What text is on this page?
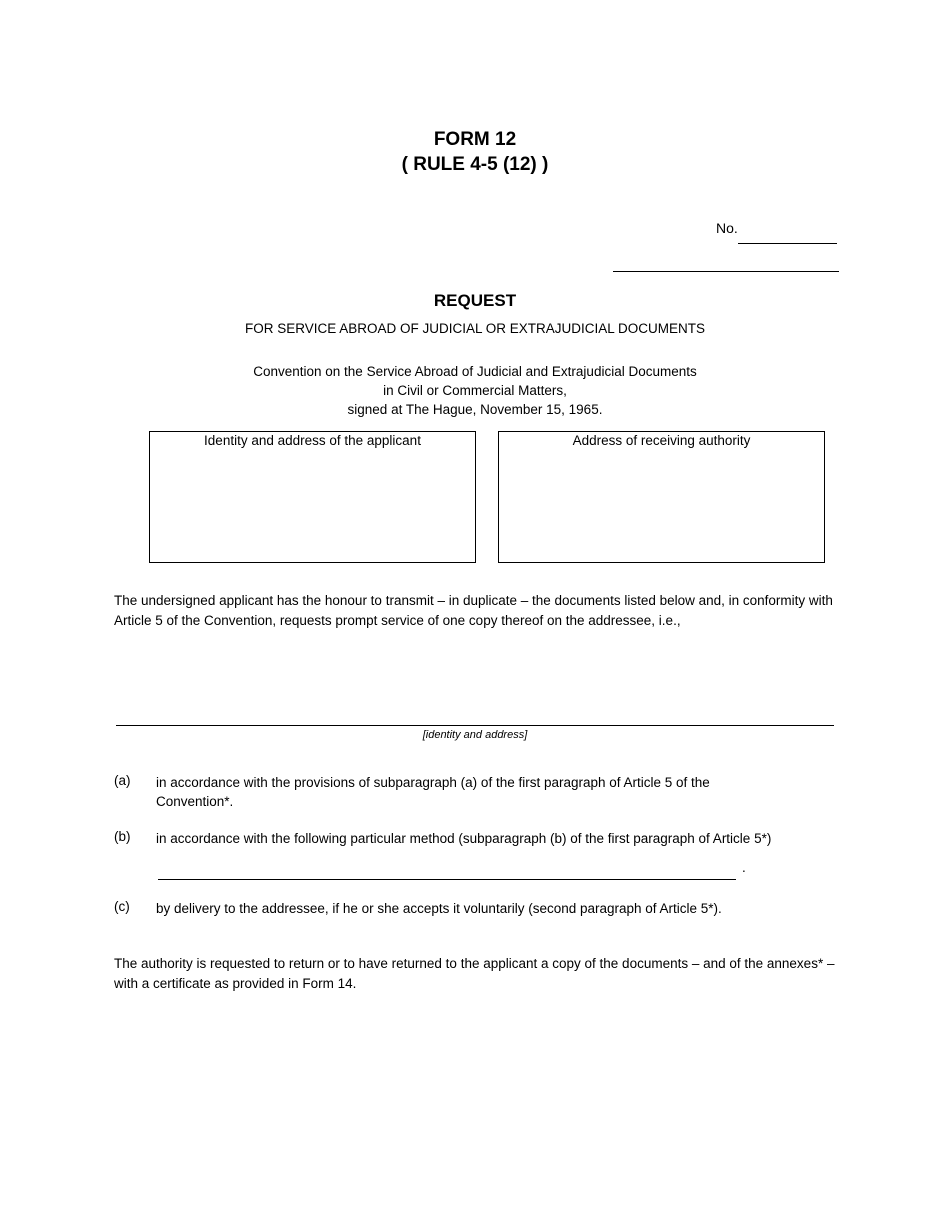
FORM 12
( RULE 4-5 (12) )
No.
REQUEST
FOR SERVICE ABROAD OF JUDICIAL OR EXTRAJUDICIAL DOCUMENTS
Convention on the Service Abroad of Judicial and Extrajudicial Documents
in Civil or Commercial Matters,
signed at The Hague, November 15, 1965.
Identity and address of the applicant	Address of receiving authority
The undersigned applicant has the honour to transmit – in duplicate – the documents listed below and, in conformity with Article 5 of the Convention, requests prompt service of one copy thereof on the addressee, i.e.,
[identity and address]
(a) in accordance with the provisions of subparagraph (a) of the first paragraph of Article 5 of the Convention*.
(b) in accordance with the following particular method (subparagraph (b) of the first paragraph of Article 5*)
.
(c) by delivery to the addressee, if he or she accepts it voluntarily (second paragraph of Article 5*).
The authority is requested to return or to have returned to the applicant a copy of the documents – and of the annexes* – with a certificate as provided in Form 14.
